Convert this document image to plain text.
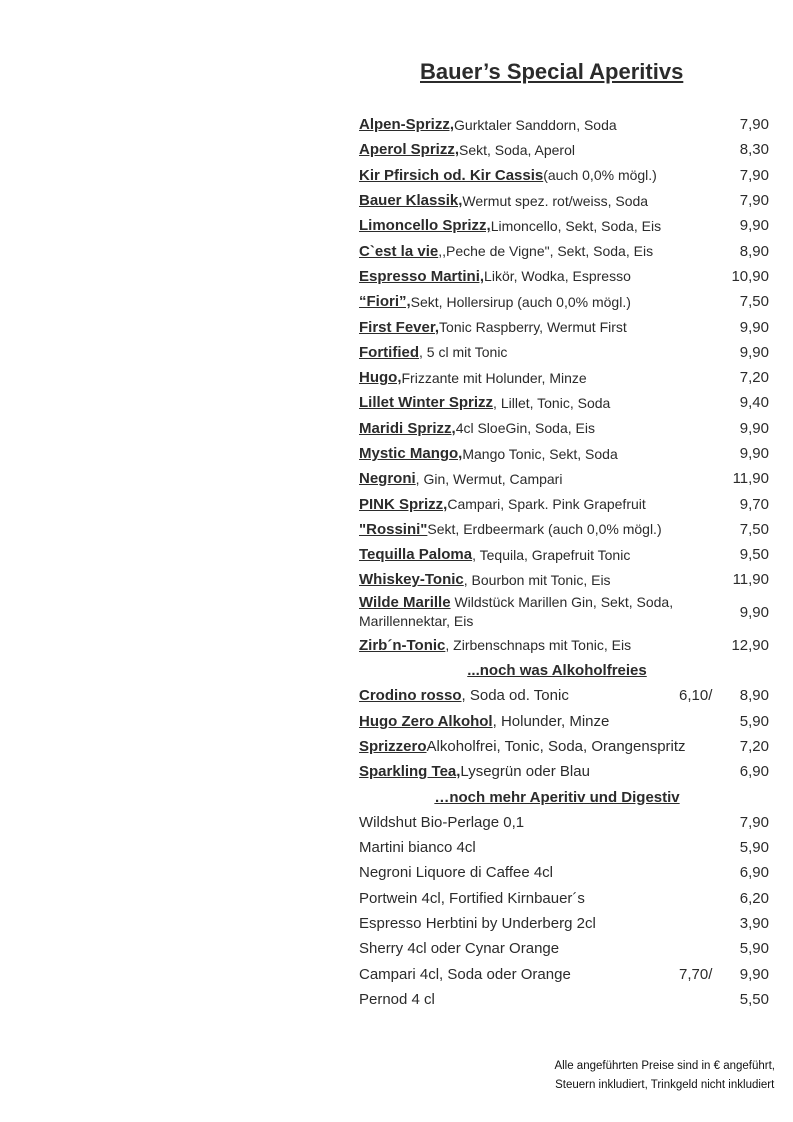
Bauer’s Special Aperitivs
Alpen-Sprizz, Gurktaler Sanddorn, Soda	7,90
Aperol Sprizz, Sekt, Soda, Aperol	8,30
Kir Pfirsich od. Kir Cassis (auch 0,0% mögl.)	7,90
Bauer Klassik, Wermut spez. rot/weiss, Soda	7,90
Limoncello Sprizz, Limoncello, Sekt, Soda, Eis	9,90
C`est la vie ,,Peche de Vigne", Sekt, Soda, Eis	8,90
Espresso Martini, Likör, Wodka, Espresso	10,90
“Fiori”, Sekt, Hollersirup (auch 0,0% mögl.)	7,50
First Fever, Tonic Raspberry, Wermut First	9,90
Fortified , 5 cl mit Tonic	9,90
Hugo, Frizzante mit Holunder, Minze	7,20
Lillet Winter Sprizz , Lillet, Tonic, Soda	9,40
Maridi Sprizz, 4cl SloeGin, Soda, Eis	9,90
Mystic Mango, Mango Tonic, Sekt, Soda	9,90
Negroni , Gin, Wermut, Campari	11,90
PINK Sprizz, Campari, Spark. Pink Grapefruit	9,70
"Rossini" Sekt, Erdbeermark (auch 0,0% mögl.)	7,50
Tequilla Paloma , Tequila, Grapefruit Tonic	9,50
Whiskey-Tonic , Bourbon mit Tonic, Eis	11,90
Wilde Marille Wildstück Marillen Gin, Sekt, Soda, Marillennektar, Eis	9,90
Zirb´n-Tonic , Zirbenschnaps mit Tonic, Eis	12,90
...noch was Alkoholfreies
Crodino rosso , Soda od. Tonic	6,10/ 8,90
Hugo Zero Alkohol , Holunder, Minze	5,90
Sprizzero Alkoholfrei, Tonic, Soda, Orangenspritz	7,20
Sparkling Tea, Lysegrün oder Blau	6,90
…noch mehr Aperitiv und Digestiv
Wildshut Bio-Perlage 0,1	7,90
Martini bianco 4cl	5,90
Negroni Liquore di Caffee 4cl	6,90
Portwein 4cl, Fortified Kirnbauer´s	6,20
Espresso Herbtini by Underberg 2cl	3,90
Sherry 4cl oder Cynar Orange	5,90
Campari 4cl, Soda oder Orange	7,70/ 9,90
Pernod 4 cl	5,50
Alle angeführten Preise sind in € angeführt,
Steuern inkludiert, Trinkgeld nicht inkludiert
